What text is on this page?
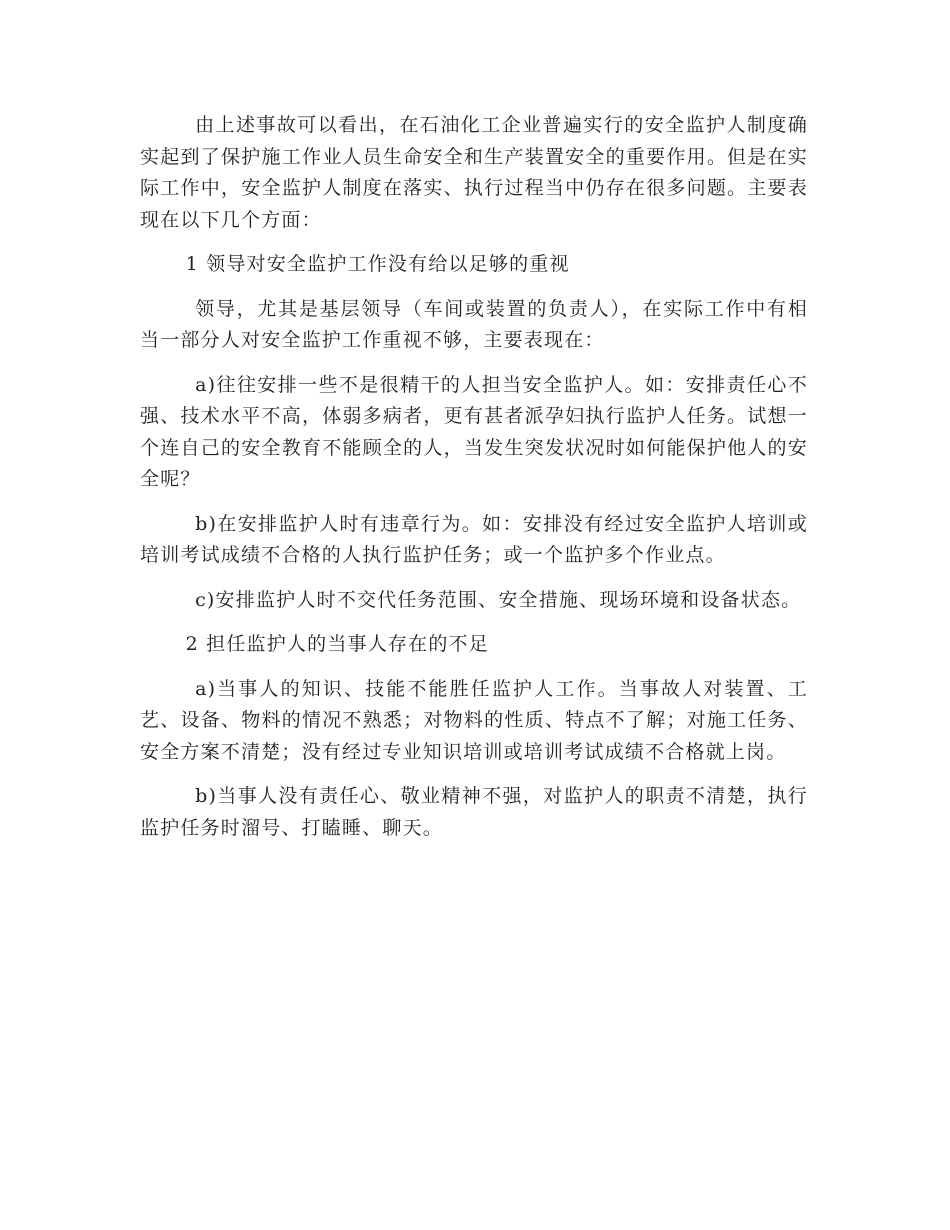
由上述事故可以看出，在石油化工企业普遍实行的安全监护人制度确实起到了保护施工作业人员生命安全和生产装置安全的重要作用。但是在实际工作中，安全监护人制度在落实、执行过程当中仍存在很多问题。主要表现在以下几个方面：

1 领导对安全监护工作没有给以足够的重视

领导，尤其是基层领导（车间或装置的负责人），在实际工作中有相当一部分人对安全监护工作重视不够，主要表现在：

a)往往安排一些不是很精干的人担当安全监护人。如：安排责任心不强、技术水平不高，体弱多病者，更有甚者派孕妇执行监护人任务。试想一个连自己的安全教育不能顾全的人，当发生突发状况时如何能保护他人的安全呢？

b)在安排监护人时有违章行为。如：安排没有经过安全监护人培训或培训考试成绩不合格的人执行监护任务；或一个监护多个作业点。

c)安排监护人时不交代任务范围、安全措施、现场环境和设备状态。

2 担任监护人的当事人存在的不足

a)当事人的知识、技能不能胜任监护人工作。当事故人对装置、工艺、设备、物料的情况不熟悉；对物料的性质、特点不了解；对施工任务、安全方案不清楚；没有经过专业知识培训或培训考试成绩不合格就上岗。

b)当事人没有责任心、敬业精神不强，对监护人的职责不清楚，执行监护任务时溜号、打瞌睡、聊天。
